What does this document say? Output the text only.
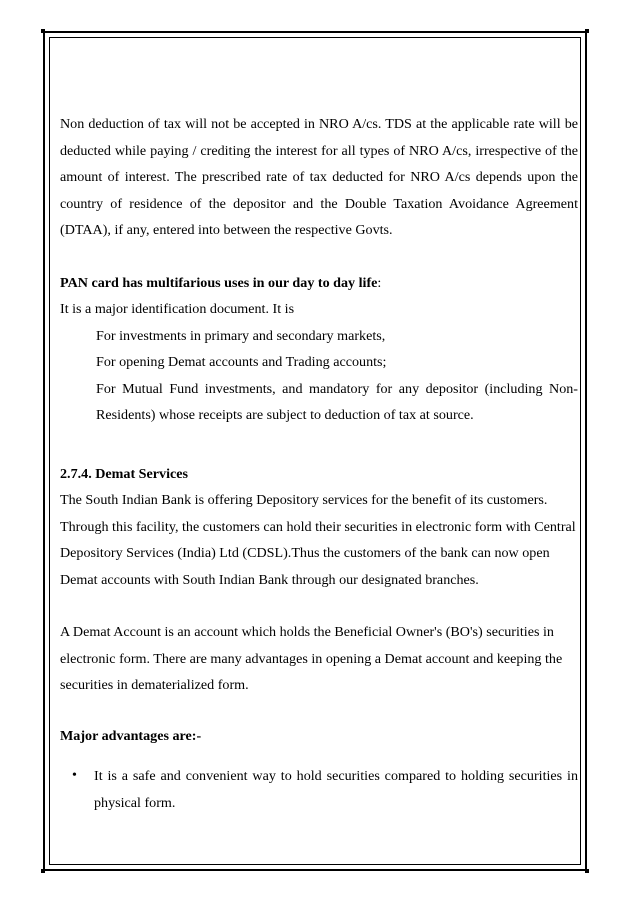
Non deduction of tax will not be accepted in NRO A/cs. TDS at the applicable rate will be deducted while paying / crediting the interest for all types of NRO A/cs, irrespective of the amount of interest. The prescribed rate of tax deducted for NRO A/cs depends upon the country of residence of the depositor and the Double Taxation Avoidance Agreement (DTAA), if any, entered into between the respective Govts.

PAN card has multifarious uses in our day to day life:

It is a major identification document. It is

For investments in primary and secondary markets,

For opening Demat accounts and Trading accounts;

For Mutual Fund investments, and mandatory for any depositor (including Non-Residents) whose receipts are subject to deduction of tax at source.

2.7.4. Demat Services

The South Indian Bank is offering Depository services for the benefit of its customers. Through this facility, the customers can hold their securities in electronic form with Central Depository Services (India) Ltd (CDSL).Thus the customers of the bank can now open Demat accounts with South Indian Bank through our designated branches.

A Demat Account is an account which holds the Beneficial Owner's (BO's) securities in electronic form. There are many advantages in opening a Demat account and keeping the securities in dematerialized form.

Major advantages are:-

•	It is a safe and convenient way to hold securities compared to holding securities in physical form.
